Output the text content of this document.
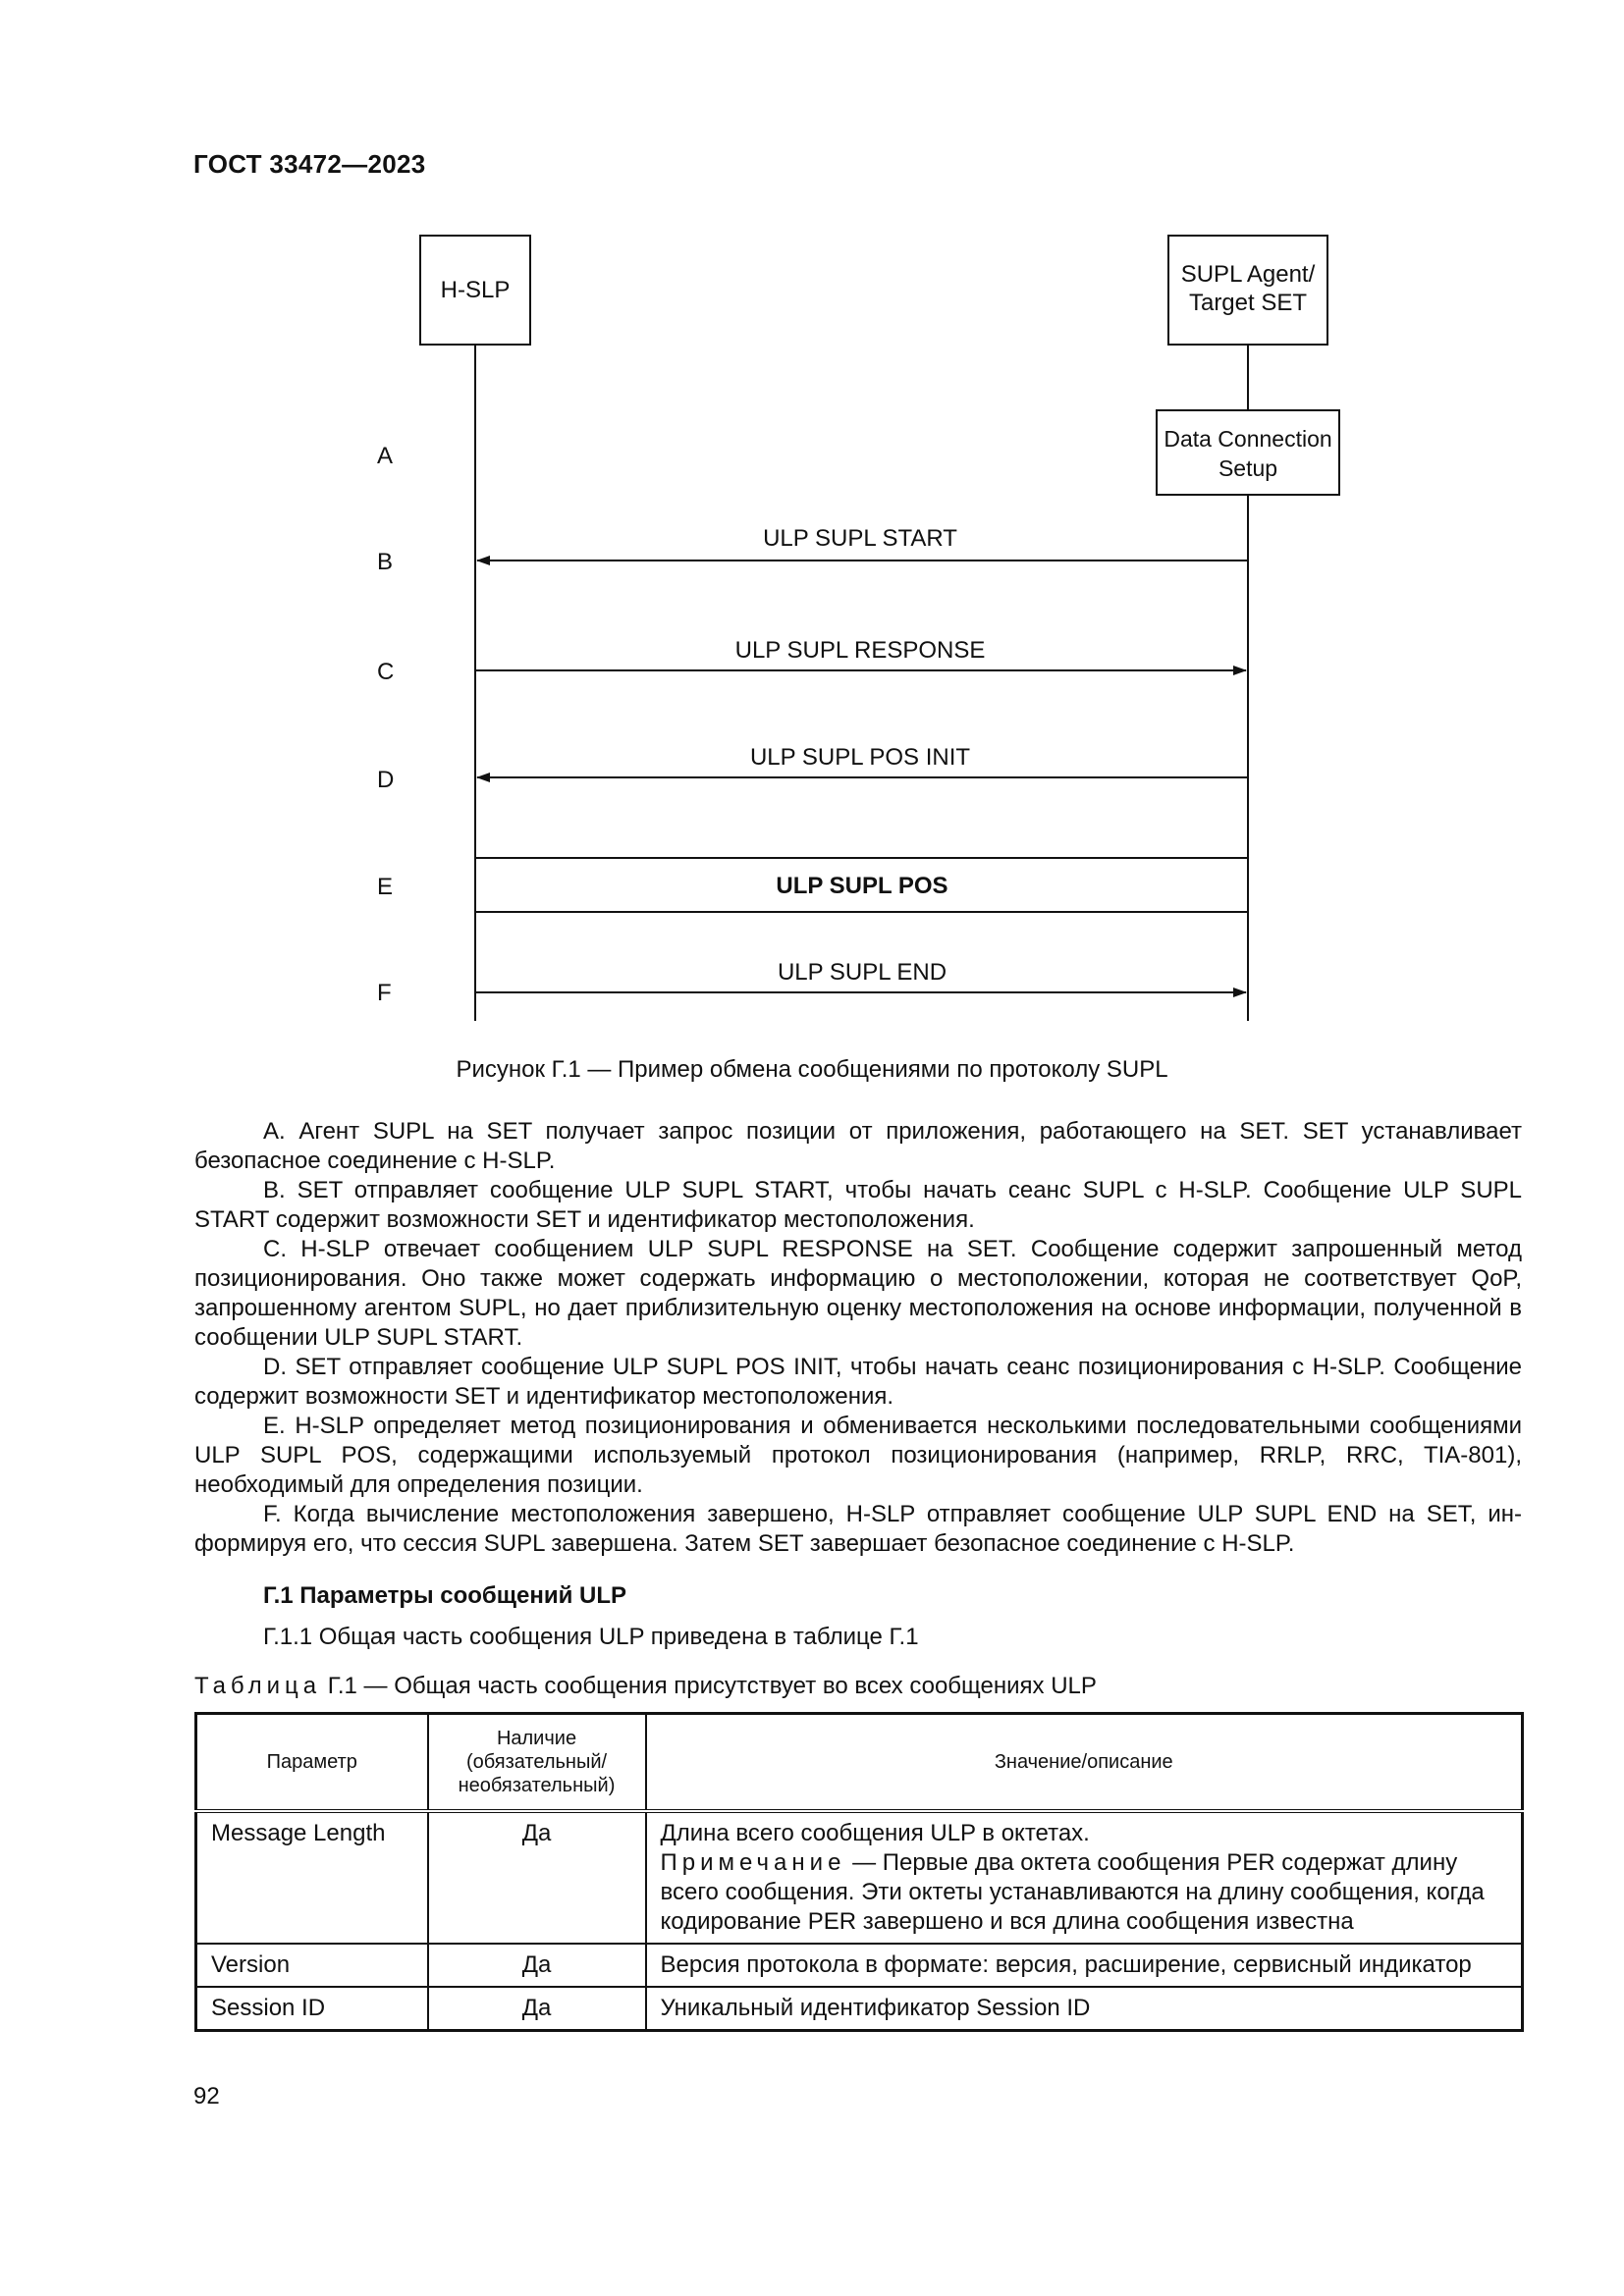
ГОСТ 33472—2023
H-SLP
SUPL Agent/
Target SET
Data Connection
Setup
A
B
C
D
E
F
ULP SUPL START
ULP SUPL RESPONSE
ULP SUPL POS INIT
ULP SUPL POS
ULP SUPL END
Рисунок Г.1 — Пример обмена сообщениями по протоколу SUPL

А. Агент SUPL на SET получает запрос позиции от приложения, работающего на SET. SET устанавливает безопасное соединение с H-SLP.

B. SET отправляет сообщение ULP SUPL START, чтобы начать сеанс SUPL с H-SLP. Сообщение ULP SUPL START содержит возможности SET и идентификатор местоположения.

C. H-SLP отвечает сообщением ULP SUPL RESPONSE на SET. Сообщение содержит запрошенный метод позиционирования. Оно также может содержать информацию о местоположении, которая не соответствует QoP, запрошенному агентом SUPL, но дает приблизительную оценку местоположения на основе информации, полученной в сообщении ULP SUPL START.

D. SET отправляет сообщение ULP SUPL POS INIT, чтобы начать сеанс позиционирования с H-SLP. Сообщение содержит возможности SET и идентификатор местоположения.

E. H-SLP определяет метод позиционирования и обменивается несколькими последовательными сообщениями ULP SUPL POS, содержащими используемый протокол позиционирования (например, RRLP, RRC, TIA-801), необходимый для определения позиции.

F. Когда вычисление местоположения завершено, H-SLP отправляет сообщение ULP SUPL END на SET, информируя его, что сессия SUPL завершена. Затем SET завершает безопасное соединение с H-SLP.

Г.1 Параметры сообщений ULP
Г.1.1 Общая часть сообщения ULP приведена в таблице Г.1
Таблица Г.1 — Общая часть сообщения присутствует во всех сообщениях ULP
Параметр	Наличие
(обязательный/
необязательный)	Значение/описание
Message Length	Да	Длина всего сообщения ULP в октетах.
Примечание — Первые два октета сообщения PER содержат длину всего сообщения. Эти октеты устанавливаются на длину сообщения, когда кодирование PER завершено и вся длина сообщения известна

Version	Да	Версия протокола в формате: версия, расширение, сервисный индикатор
Session ID	Да	Уникальный идентификатор Session ID
92
